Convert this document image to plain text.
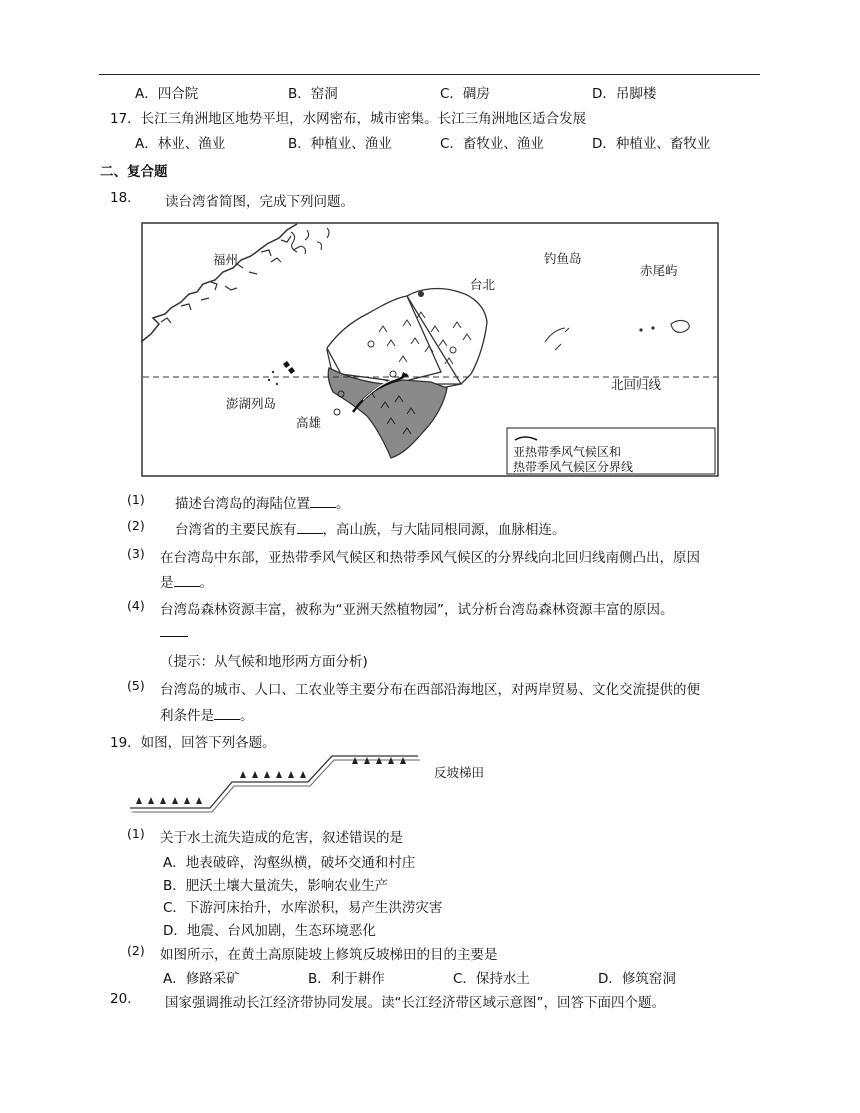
A．四合院	B．窑洞	C．碉房	D．吊脚楼
17．长江三角洲地区地势平坦，水网密布，城市密集。长江三角洲地区适合发展
A．林业、渔业	B．种植业、渔业	C．畜牧业、渔业	D．种植业、畜牧业
二、复合题
18. 读台湾省简图，完成下列问题。
福州	钓鱼岛
赤尾屿
台北
北回归线
澎湖列岛
高雄
亚热带季风气候区和
热带季风气候区分界线
(1) 描述台湾岛的海陆位置 。
(2) 台湾省的主要民族有 ，高山族，与大陆同根同源，血脉相连。
(3) 在台湾岛中东部，亚热带季风气候区和热带季风气候区的分界线向北回归线南侧凸出，原因
是 。
(4) 台湾岛森林资源丰富，被称为“亚洲天然植物园”，试分析台湾岛森林资源丰富的原因。
（提示：从气候和地形两方面分析)
(5) 台湾岛的城市、人口、工农业等主要分布在西部沿海地区，对两岸贸易、文化交流提供的便
利条件是 。
19．如图，回答下列各题。
反坡梯田
(1) 关于水土流失造成的危害，叙述错误的是
A．地表破碎，沟壑纵横，破坏交通和村庄
B．肥沃土壤大量流失，影响农业生产
C．下游河床抬升，水库淤积，易产生洪涝灾害
D．地震、台风加剧，生态环境恶化
(2) 如图所示，在黄土高原陡坡上修筑反坡梯田的目的主要是
A．修路采矿	B．利于耕作	C．保持水土	D．修筑窑洞
20. 国家强调推动长江经济带协同发展。读“长江经济带区域示意图”，回答下面四个题。
